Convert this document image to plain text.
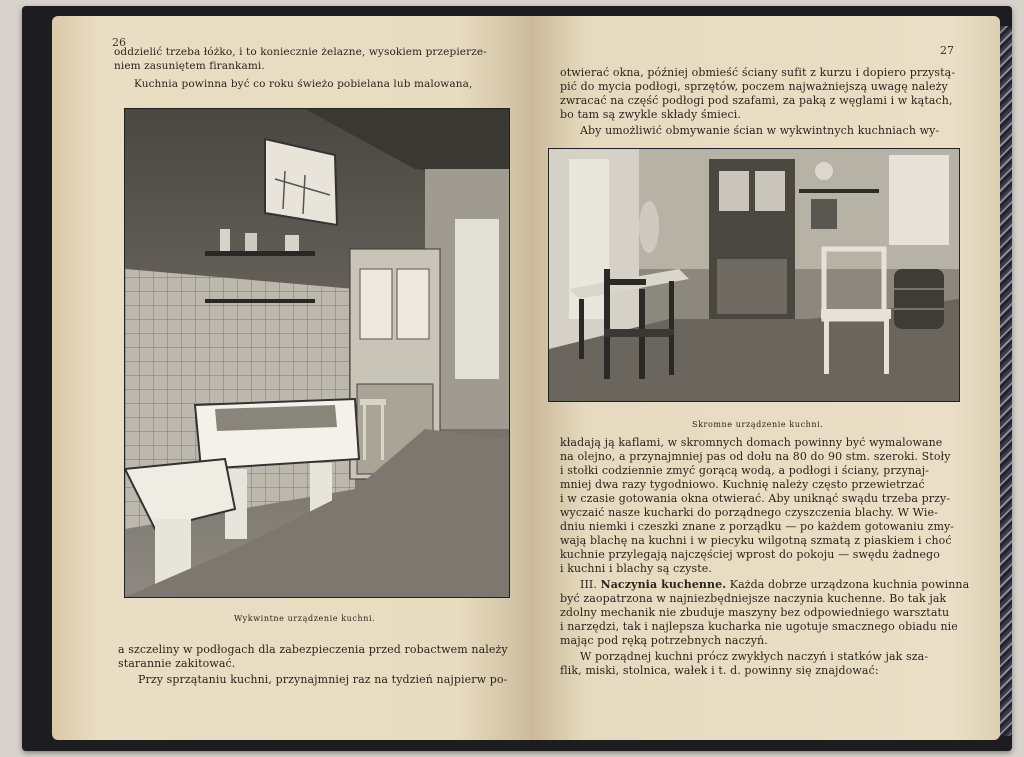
26
oddzielić trzeba łóżko, i to koniecznie żelazne, wysokiem przepierze-
niem zasuniętem firankami.
Kuchnia powinna być co roku świeżo pobielana lub malowana,
Wykwintne urządzenie kuchni.
a szczeliny w podłogach dla zabezpieczenia przed robactwem należy
starannie zakitować.
Przy sprzątaniu kuchni, przynajmniej raz na tydzień najpierw po-
27
otwierać okna, później obmieść ściany sufit z kurzu i dopiero przystą-
pić do mycia podłogi, sprzętów, poczem najważniejszą uwagę należy
zwracać na część podłogi pod szafami, za paką z węglami i w kątach,
bo tam są zwykle składy śmieci.
Aby umożliwić obmywanie ścian w wykwintnych kuchniach wy-
Skromne urządzenie kuchni.
kładają ją kaflami, w skromnych domach powinny być wymalowane
na olejno, a przynajmniej pas od dołu na 80 do 90 stm. szeroki. Stoły
i stołki codziennie zmyć gorącą wodą, a podłogi i ściany, przynaj-
mniej dwa razy tygodniowo. Kuchnię należy często przewietrzać
i w czasie gotowania okna otwierać. Aby uniknąć swądu trzeba przy-
wyczaić nasze kucharki do porządnego czyszczenia blachy. W Wie-
dniu niemki i czeszki znane z porządku — po każdem gotowaniu zmy-
wają blachę na kuchni i w piecyku wilgotną szmatą z piaskiem i choć
kuchnie przylegają najczęściej wprost do pokoju — swędu żadnego
i kuchni i blachy są czyste.
III. Naczynia kuchenne. Każda dobrze urządzona kuchnia powinna
być zaopatrzona w najniezbędniejsze naczynia kuchenne. Bo tak jak
zdolny mechanik nie zbuduje maszyny bez odpowiedniego warsztatu
i narzędzi, tak i najlepsza kucharka nie ugotuje smacznego obiadu nie
mając pod ręką potrzebnych naczyń.
W porządnej kuchni prócz zwykłych naczyń i statków jak sza-
flik, miski, stolnica, wałek i t. d. powinny się znajdować:
